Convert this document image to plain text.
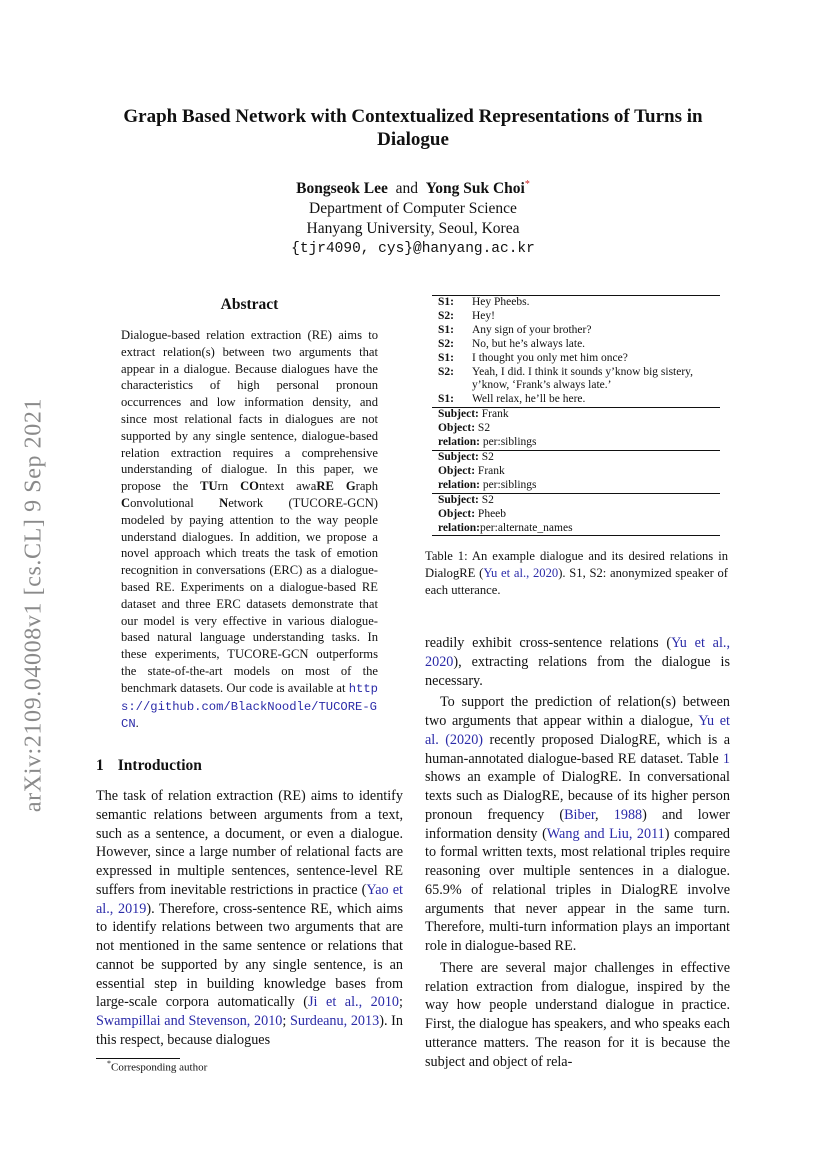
arXiv:2109.04008v1 [cs.CL] 9 Sep 2021
Graph Based Network with Contextualized Representations of Turns in Dialogue
Bongseok Lee and Yong Suk Choi*
Department of Computer Science
Hanyang University, Seoul, Korea
{tjr4090, cys}@hanyang.ac.kr
Abstract
Dialogue-based relation extraction (RE) aims to extract relation(s) between two arguments that appear in a dialogue. Because dialogues have the characteristics of high personal pronoun occurrences and low information density, and since most relational facts in dialogues are not supported by any single sentence, dialogue-based relation extraction requires a comprehensive understanding of dialogue. In this paper, we propose the TUrn COntext awaRE Graph Convolutional Network (TUCORE-GCN) modeled by paying attention to the way people understand dialogues. In addition, we propose a novel approach which treats the task of emotion recognition in conversations (ERC) as a dialogue-based RE. Experiments on a dialogue-based RE dataset and three ERC datasets demonstrate that our model is very effective in various dialogue-based natural language understanding tasks. In these experiments, TUCORE-GCN outperforms the state-of-the-art models on most of the benchmark datasets. Our code is available at https://github.com/BlackNoodle/TUCORE-GCN.
1 Introduction
The task of relation extraction (RE) aims to identify semantic relations between arguments from a text, such as a sentence, a document, or even a dialogue. However, since a large number of relational facts are expressed in multiple sentences, sentence-level RE suffers from inevitable restrictions in practice (Yao et al., 2019). Therefore, cross-sentence RE, which aims to identify relations between two arguments that are not mentioned in the same sentence or relations that cannot be supported by any single sentence, is an essential step in building knowledge bases from large-scale corpora automatically (Ji et al., 2010; Swampillai and Stevenson, 2010; Surdeanu, 2013). In this respect, because dialogues
*Corresponding author
S1:	Hey Pheebs.
S2:	Hey!
S1:	Any sign of your brother?
S2:	No, but he’s always late.
S1:	I thought you only met him once?
S2:	Yeah, I did. I think it sounds y’know big sistery, y’know, ‘Frank’s always late.’
S1:	Well relax, he’ll be here.
Subject: Frank
Object: S2
relation: per:siblings
Subject: S2
Object: Frank
relation: per:siblings
Subject: S2
Object: Pheeb
relation:per:alternate_names
Table 1: An example dialogue and its desired relations in DialogRE (Yu et al., 2020). S1, S2: anonymized speaker of each utterance.

readily exhibit cross-sentence relations (Yu et al., 2020), extracting relations from the dialogue is necessary.

To support the prediction of relation(s) between two arguments that appear within a dialogue, Yu et al. (2020) recently proposed DialogRE, which is a human-annotated dialogue-based RE dataset. Table 1 shows an example of DialogRE. In conversational texts such as DialogRE, because of its higher person pronoun frequency (Biber, 1988) and lower information density (Wang and Liu, 2011) compared to formal written texts, most relational triples require reasoning over multiple sentences in a dialogue. 65.9% of relational triples in DialogRE involve arguments that never appear in the same turn. Therefore, multi-turn information plays an important role in dialogue-based RE.

There are several major challenges in effective relation extraction from dialogue, inspired by the way how people understand dialogue in practice. First, the dialogue has speakers, and who speaks each utterance matters. The reason for it is because the subject and object of rela-
